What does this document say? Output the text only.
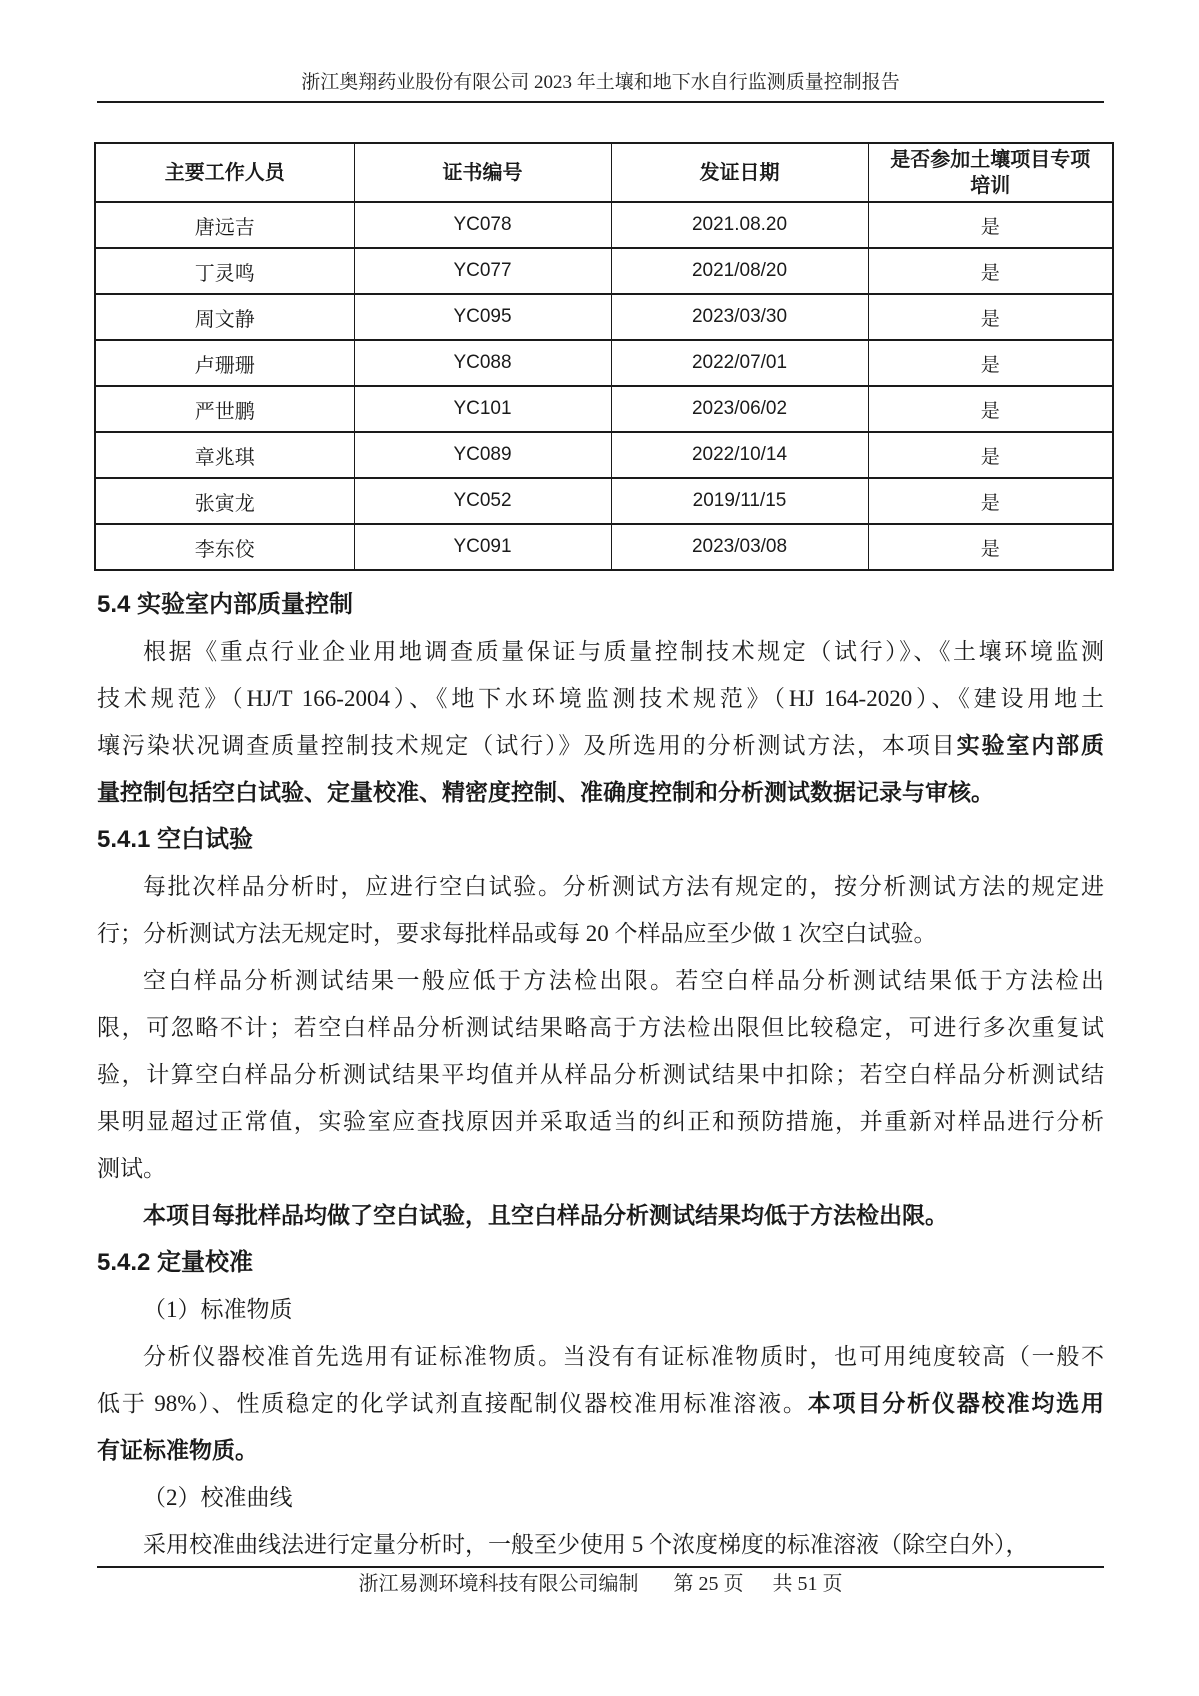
浙江奥翔药业股份有限公司 2023 年土壤和地下水自行监测质量控制报告
主要工作人员	证书编号	发证日期	是否参加土壤项目专项培训
唐远吉	YC078	2021.08.20	是
丁灵鸣	YC077	2021/08/20	是
周文静	YC095	2023/03/30	是
卢珊珊	YC088	2022/07/01	是
严世鹏	YC101	2023/06/02	是
章兆琪	YC089	2022/10/14	是
张寅龙	YC052	2019/11/15	是
李东佼	YC091	2023/03/08	是
5.4 实验室内部质量控制
根据《重点行业企业用地调查质量保证与质量控制技术规定（试行）》、《土壤环境监测
技术规范》（HJ/T 166-2004）、《地下水环境监测技术规范》（HJ 164-2020）、《建设用地土
壤污染状况调查质量控制技术规定（试行）》及所选用的分析测试方法，本项目实验室内部质
量控制包括空白试验、定量校准、精密度控制、准确度控制和分析测试数据记录与审核。
5.4.1 空白试验
每批次样品分析时，应进行空白试验。分析测试方法有规定的，按分析测试方法的规定进
行；分析测试方法无规定时，要求每批样品或每 20 个样品应至少做 1 次空白试验。
空白样品分析测试结果一般应低于方法检出限。若空白样品分析测试结果低于方法检出
限，可忽略不计；若空白样品分析测试结果略高于方法检出限但比较稳定，可进行多次重复试
验，计算空白样品分析测试结果平均值并从样品分析测试结果中扣除；若空白样品分析测试结
果明显超过正常值，实验室应查找原因并采取适当的纠正和预防措施，并重新对样品进行分析
测试。
本项目每批样品均做了空白试验，且空白样品分析测试结果均低于方法检出限。
5.4.2 定量校准
（1）标准物质
分析仪器校准首先选用有证标准物质。当没有有证标准物质时，也可用纯度较高（一般不
低于 98%）、性质稳定的化学试剂直接配制仪器校准用标准溶液。本项目分析仪器校准均选用
有证标准物质。
（2）校准曲线
采用校准曲线法进行定量分析时，一般至少使用 5 个浓度梯度的标准溶液（除空白外），
浙江易测环境科技有限公司编制 第 25 页 共 51 页
